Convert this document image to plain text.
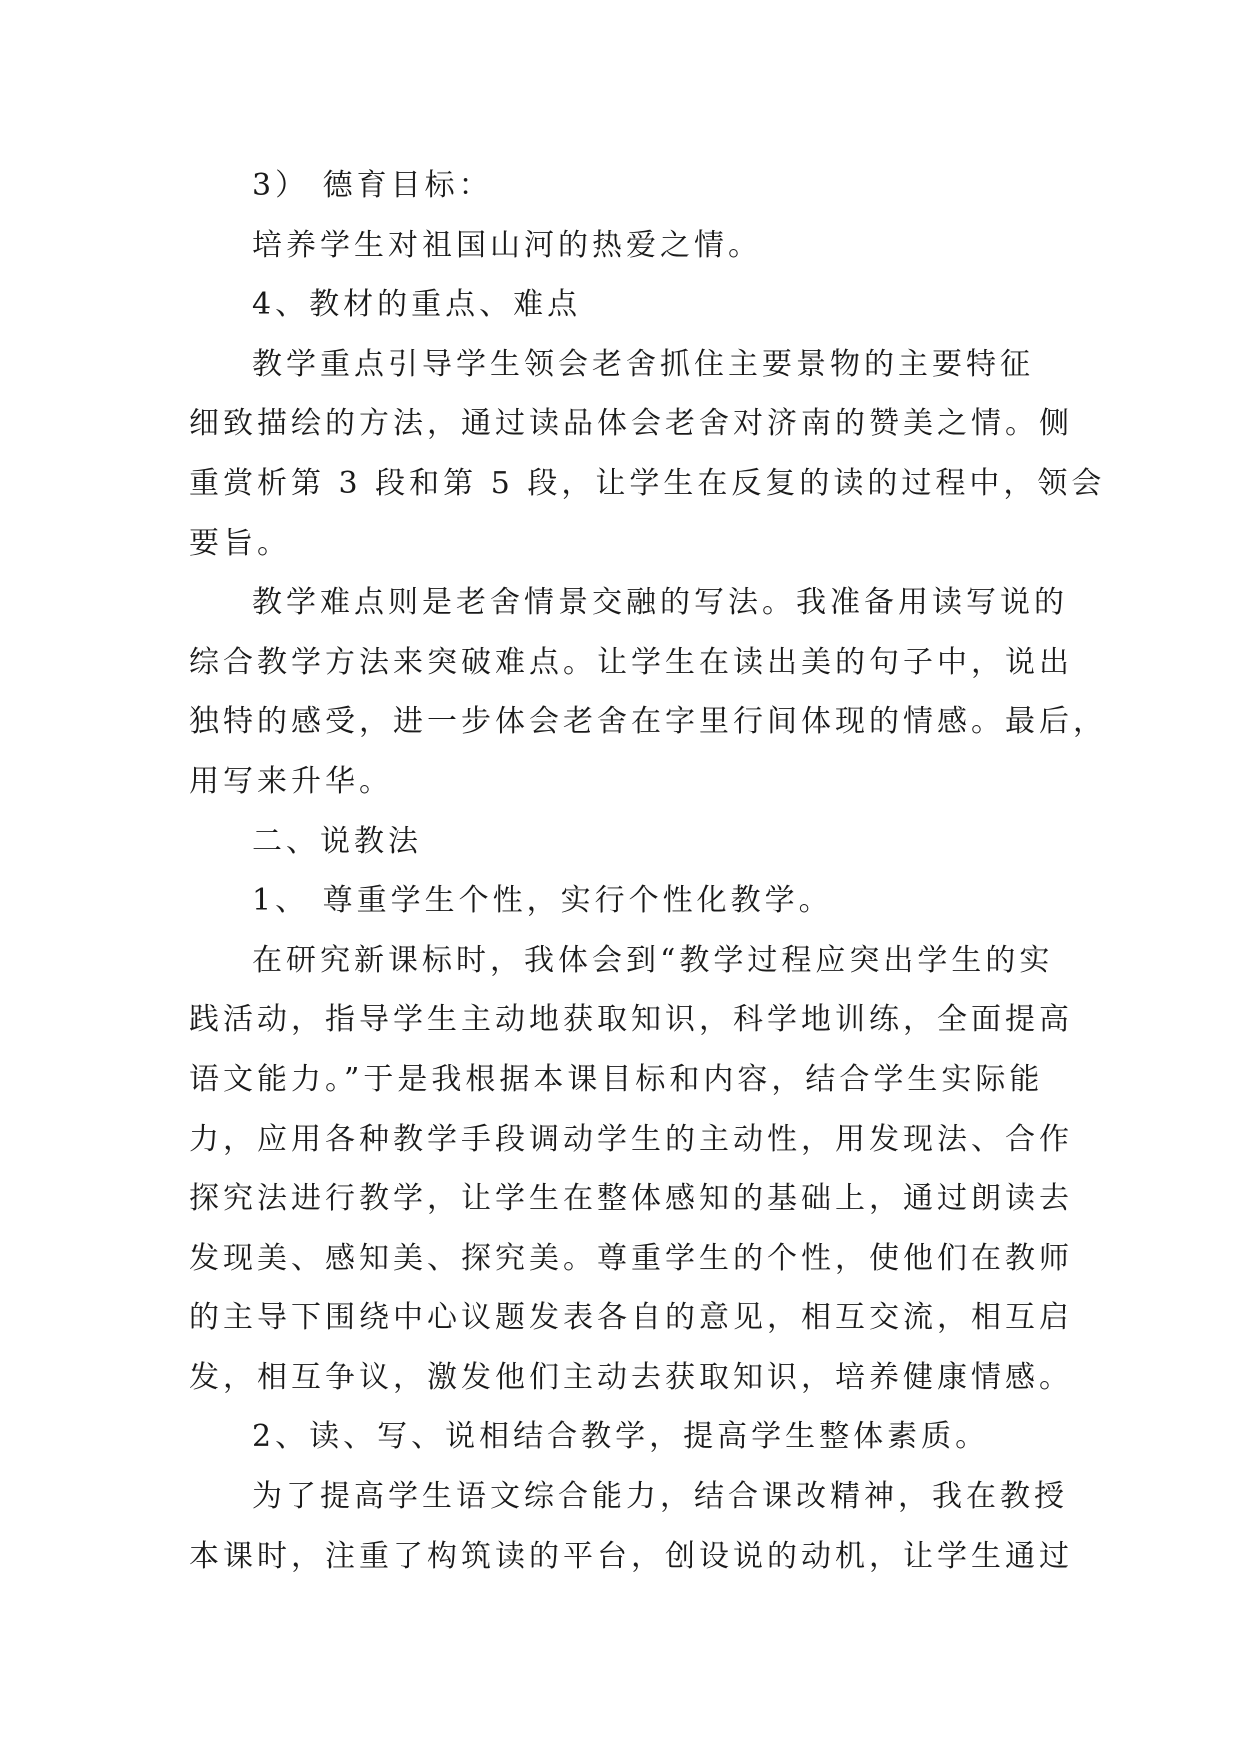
3） 德育目标：
培养学生对祖国山河的热爱之情。
4、教材的重点、难点
教学重点引导学生领会老舍抓住主要景物的主要特征
细致描绘的方法，通过读品体会老舍对济南的赞美之情。侧
重赏析第 3 段和第 5 段，让学生在反复的读的过程中，领会
要旨。
教学难点则是老舍情景交融的写法。我准备用读写说的
综合教学方法来突破难点。让学生在读出美的句子中，说出
独特的感受，进一步体会老舍在字里行间体现的情感。最后，
用写来升华。
二、说教法
1、 尊重学生个性，实行个性化教学。
在研究新课标时，我体会到“教学过程应突出学生的实
践活动，指导学生主动地获取知识，科学地训练，全面提高
语文能力。”于是我根据本课目标和内容，结合学生实际能
力，应用各种教学手段调动学生的主动性，用发现法、合作
探究法进行教学，让学生在整体感知的基础上，通过朗读去
发现美、感知美、探究美。尊重学生的个性，使他们在教师
的主导下围绕中心议题发表各自的意见，相互交流，相互启
发，相互争议，激发他们主动去获取知识，培养健康情感。
2、读、写、说相结合教学，提高学生整体素质。
为了提高学生语文综合能力，结合课改精神，我在教授
本课时，注重了构筑读的平台，创设说的动机，让学生通过
